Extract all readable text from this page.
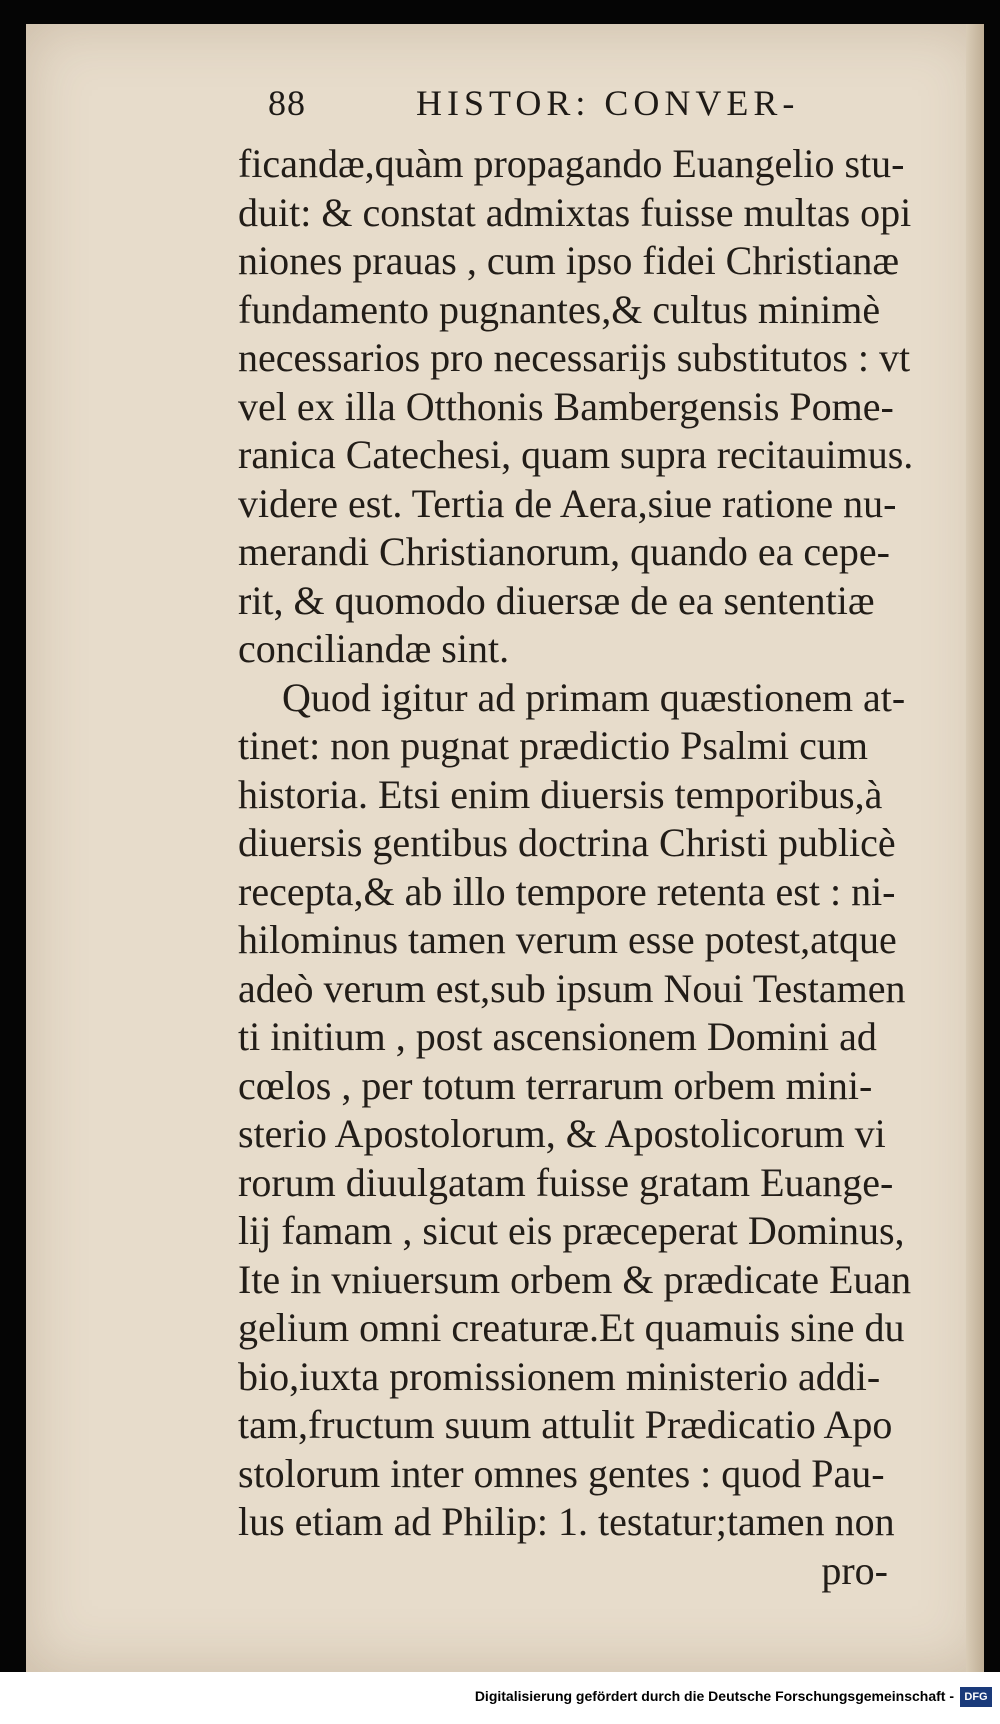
88	HISTOR: CONVER-
ficandæ,quàm propagando Euangelio stu-
duit: & constat admixtas fuisse multas opi
niones prauas , cum ipso fidei Christianæ
fundamento pugnantes,& cultus minimè
necessarios pro necessarijs substitutos : vt
vel ex illa Otthonis Bambergensis Pome-
ranica Catechesi, quam supra recitauimus.
videre est. Tertia de Aera,siue ratione nu-
merandi Christianorum, quando ea cepe-
rit, & quomodo diuersæ de ea sententiæ
conciliandæ sint.
Quod igitur ad primam quæstionem at-
tinet: non pugnat prædictio Psalmi cum
historia. Etsi enim diuersis temporibus,à
diuersis gentibus doctrina Christi publicè
recepta,& ab illo tempore retenta est : ni-
hilominus tamen verum esse potest,atque
adeò verum est,sub ipsum Noui Testamen
ti initium , post ascensionem Domini ad
cœlos , per totum terrarum orbem mini-
sterio Apostolorum, & Apostolicorum vi
rorum diuulgatam fuisse gratam Euange-
lij famam , sicut eis præceperat Dominus,
Ite in vniuersum orbem & prædicate Euan
gelium omni creaturæ.Et quamuis sine du
bio,iuxta promissionem ministerio addi-
tam,fructum suum attulit Prædicatio Apo
stolorum inter omnes gentes : quod Pau-
lus etiam ad Philip: 1. testatur;tamen non
pro-
Digitalisierung gefördert durch die Deutsche Forschungsgemeinschaft - DFG
